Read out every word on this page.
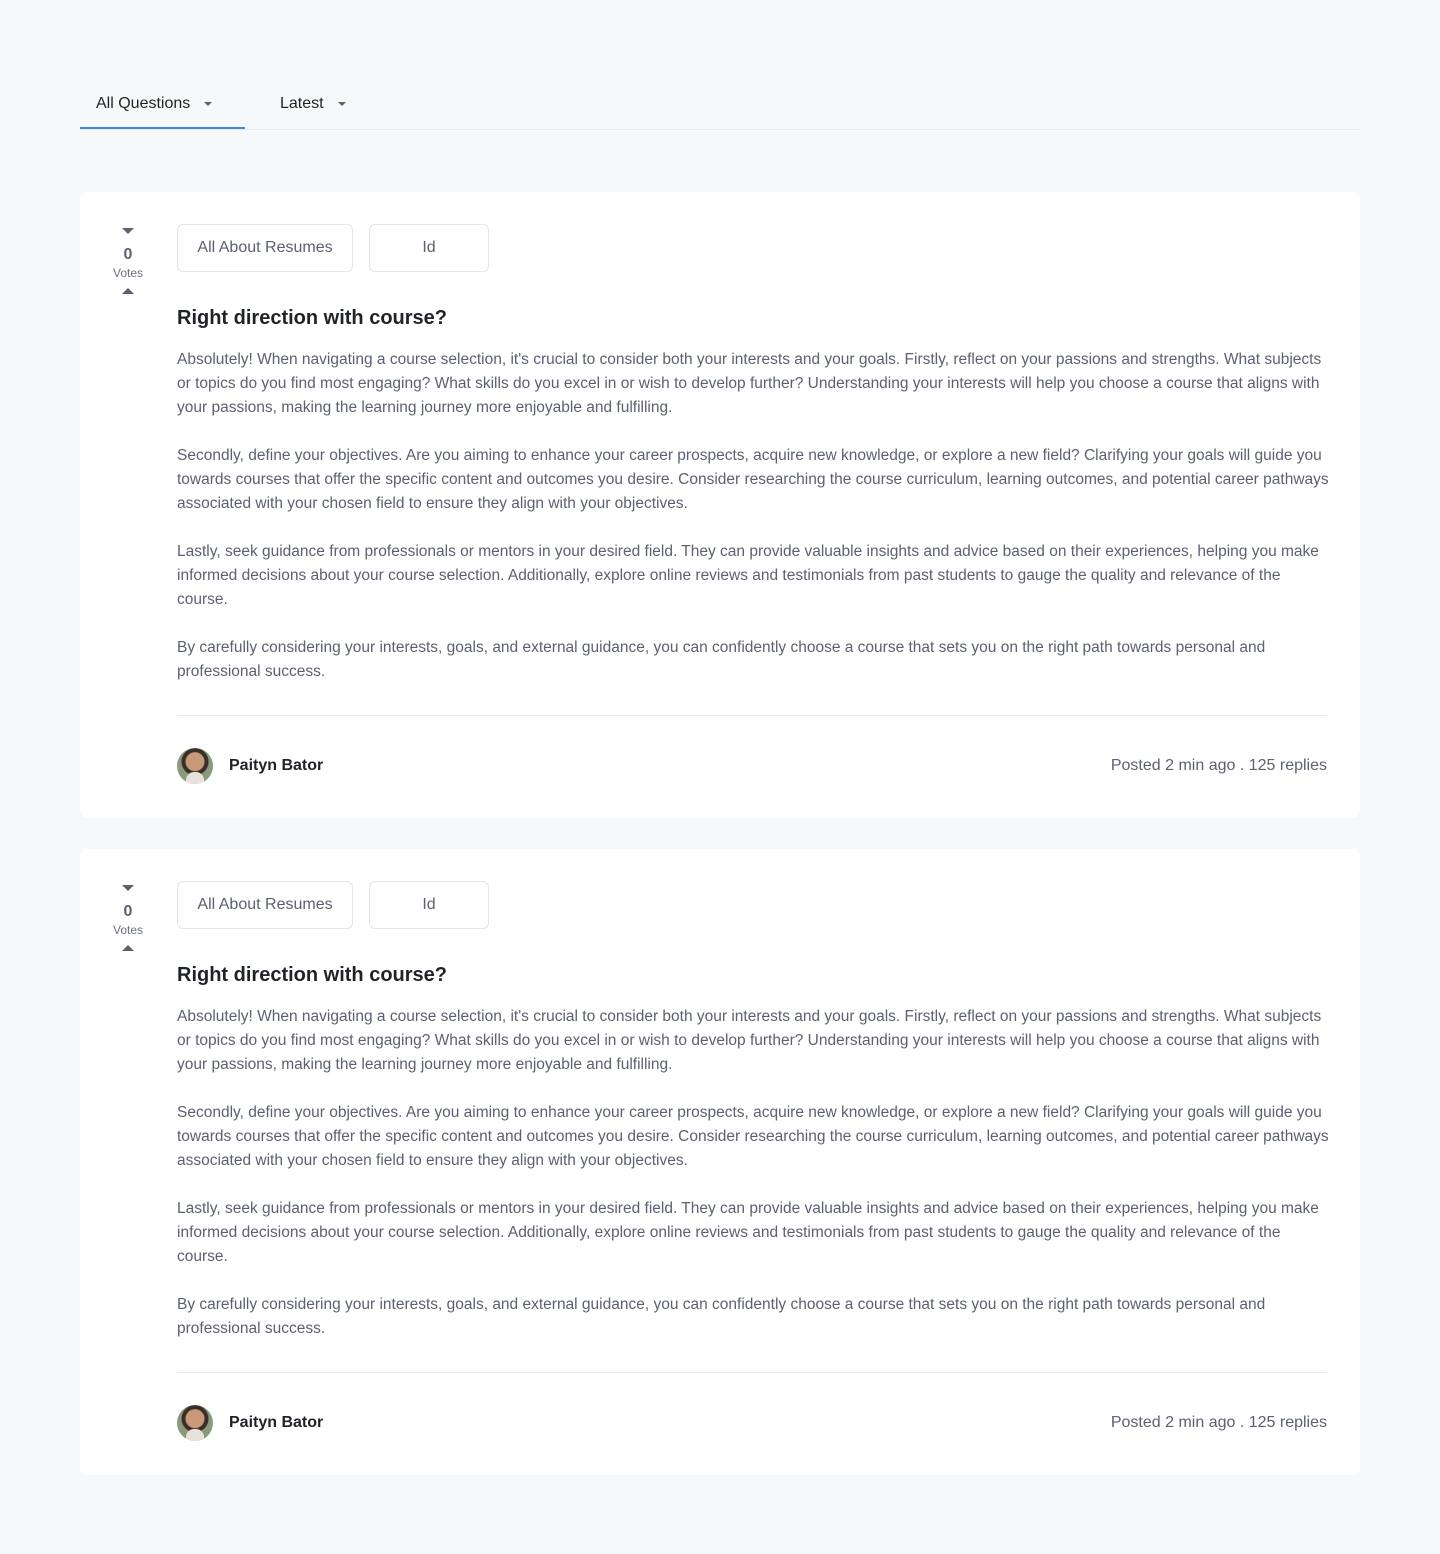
All Questions	Latest
0
Votes
All About Resumes	Id
Right direction with course?

Absolutely! When navigating a course selection, it's crucial to consider both your interests and your goals. Firstly, reflect on your passions and strengths. What subjects or topics do you find most engaging? What skills do you excel in or wish to develop further? Understanding your interests will help you choose a course that aligns with your passions, making the learning journey more enjoyable and fulfilling.

Secondly, define your objectives. Are you aiming to enhance your career prospects, acquire new knowledge, or explore a new field? Clarifying your goals will guide you towards courses that offer the specific content and outcomes you desire. Consider researching the course curriculum, learning outcomes, and potential career pathways associated with your chosen field to ensure they align with your objectives.

Lastly, seek guidance from professionals or mentors in your desired field. They can provide valuable insights and advice based on their experiences, helping you make informed decisions about your course selection. Additionally, explore online reviews and testimonials from past students to gauge the quality and relevance of the course.

By carefully considering your interests, goals, and external guidance, you can confidently choose a course that sets you on the right path towards personal and professional success.

Paityn Bator	Posted 2 min ago . 125 replies
0
Votes
All About Resumes	Id
Right direction with course?

Absolutely! When navigating a course selection, it's crucial to consider both your interests and your goals. Firstly, reflect on your passions and strengths. What subjects or topics do you find most engaging? What skills do you excel in or wish to develop further? Understanding your interests will help you choose a course that aligns with your passions, making the learning journey more enjoyable and fulfilling.

Secondly, define your objectives. Are you aiming to enhance your career prospects, acquire new knowledge, or explore a new field? Clarifying your goals will guide you towards courses that offer the specific content and outcomes you desire. Consider researching the course curriculum, learning outcomes, and potential career pathways associated with your chosen field to ensure they align with your objectives.

Lastly, seek guidance from professionals or mentors in your desired field. They can provide valuable insights and advice based on their experiences, helping you make informed decisions about your course selection. Additionally, explore online reviews and testimonials from past students to gauge the quality and relevance of the course.

By carefully considering your interests, goals, and external guidance, you can confidently choose a course that sets you on the right path towards personal and professional success.

Paityn Bator	Posted 2 min ago . 125 replies
